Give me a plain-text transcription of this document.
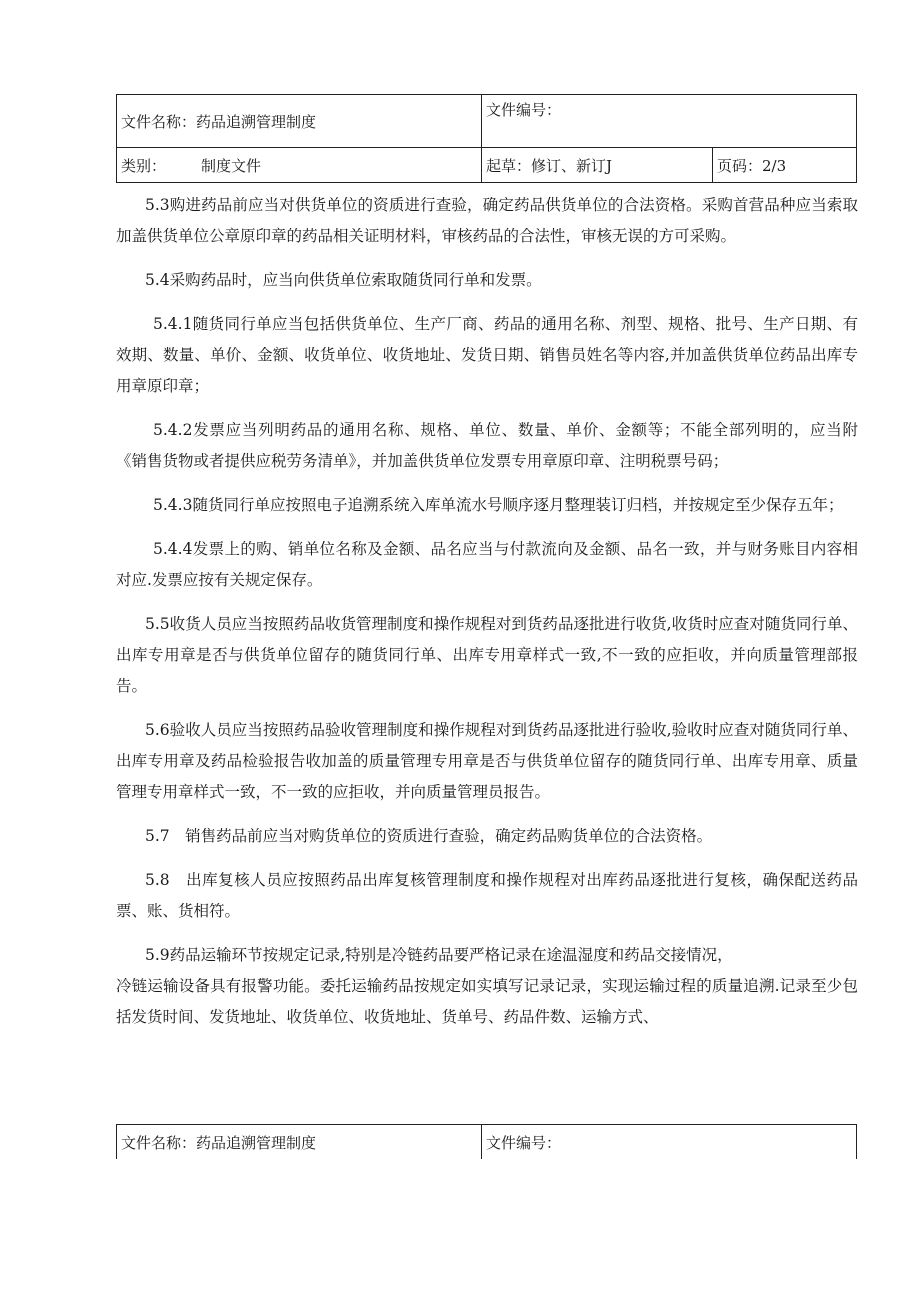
文件名称：药品追溯管理制度	文件编号：	
类别： 制度文件	起草：修订、新订J	页码：2/3

5.3购进药品前应当对供货单位的资质进行查验，确定药品供货单位的合法资格。采购首营品种应当索取加盖供货单位公章原印章的药品相关证明材料，审核药品的合法性，审核无误的方可采购。

5.4采购药品时，应当向供货单位索取随货同行单和发票。

5.4.1随货同行单应当包括供货单位、生产厂商、药品的通用名称、剂型、规格、批号、生产日期、有效期、数量、单价、金额、收货单位、收货地址、发货日期、销售员姓名等内容,并加盖供货单位药品出库专用章原印章；

5.4.2发票应当列明药品的通用名称、规格、单位、数量、单价、金额等；不能全部列明的，应当附《销售货物或者提供应税劳务清单》，并加盖供货单位发票专用章原印章、注明税票号码；

5.4.3随货同行单应按照电子追溯系统入库单流水号顺序逐月整理装订归档，并按规定至少保存五年；

5.4.4发票上的购、销单位名称及金额、品名应当与付款流向及金额、品名一致，并与财务账目内容相对应.发票应按有关规定保存。

5.5收货人员应当按照药品收货管理制度和操作规程对到货药品逐批进行收货,收货时应查对随货同行单、出库专用章是否与供货单位留存的随货同行单、出库专用章样式一致,不一致的应拒收，并向质量管理部报告。

5.6验收人员应当按照药品验收管理制度和操作规程对到货药品逐批进行验收,验收时应查对随货同行单、出库专用章及药品检验报告收加盖的质量管理专用章是否与供货单位留存的随货同行单、出库专用章、质量管理专用章样式一致，不一致的应拒收，并向质量管理员报告。

5.7　销售药品前应当对购货单位的资质进行查验，确定药品购货单位的合法资格。

5.8　出库复核人员应按照药品出库复核管理制度和操作规程对出库药品逐批进行复核，确保配送药品票、账、货相符。

5.9药品运输环节按规定记录,特别是冷链药品要严格记录在途温湿度和药品交接情况，

冷链运输设备具有报警功能。委托运输药品按规定如实填写记录记录，实现运输过程的质量追溯.记录至少包括发货时间、发货地址、收货单位、收货地址、货单号、药品件数、运输方式、

文件名称：药品追溯管理制度	文件编号：
